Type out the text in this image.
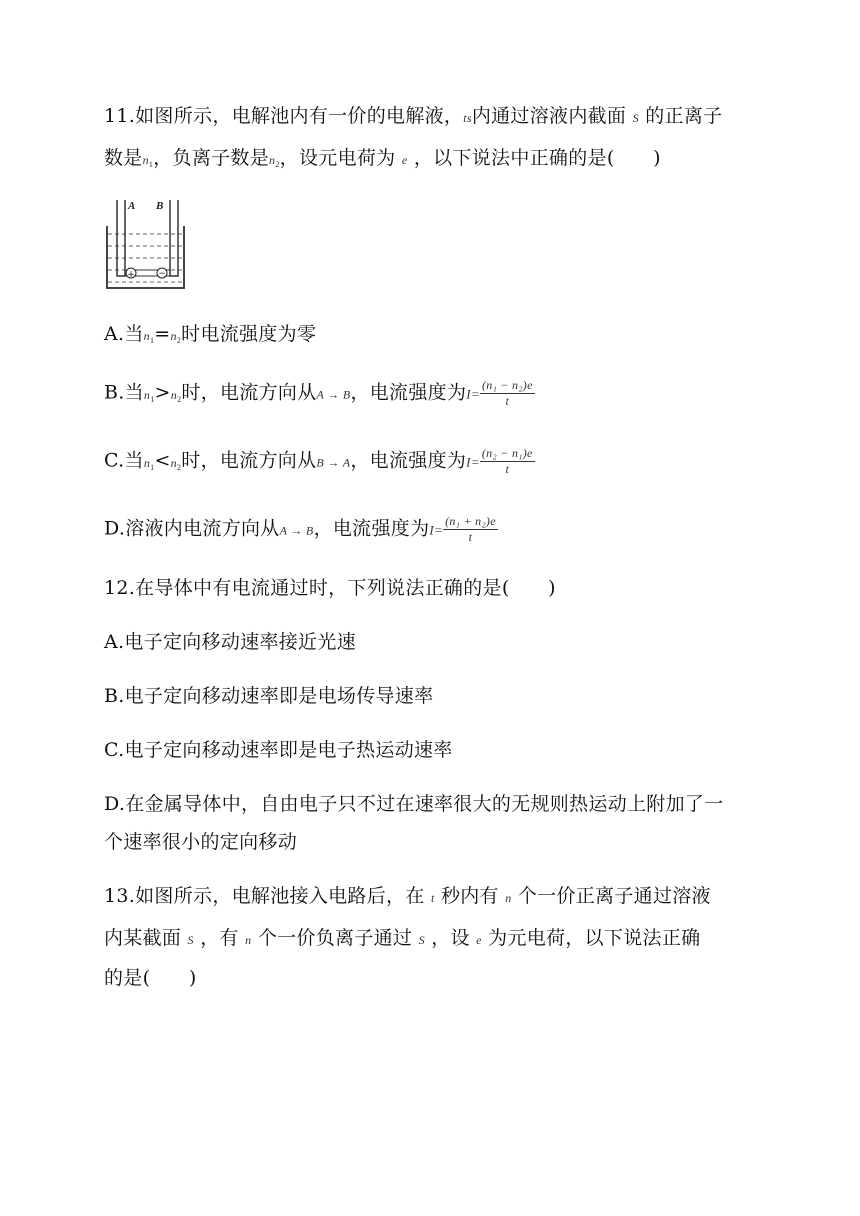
11.如图所示，电解池内有一价的电解液，ts内通过溶液内截面 S 的正离子
数是$n_1$，负离子数是$n_2$，设元电荷为 e ，以下说法中正确的是(　　)
A B
+	−
A.当$n_1=n_2$时电流强度为零
B.当$n_1>n_2$时，电流方向从A → B，电流强度为$I= \frac{\text{(n₁ − n₂)e}}{t}$
C.当$n_1<n_2$时，电流方向从B → A，电流强度为$I= \frac{\text{(n₂ − n₁)e}}{t}$
D.溶液内电流方向从A → B，电流强度为$I= \frac{\text{(n₁ + n₂)e}}{t}$
12.在导体中有电流通过时，下列说法正确的是(　　)
A.电子定向移动速率接近光速
B.电子定向移动速率即是电场传导速率
C.电子定向移动速率即是电子热运动速率
D.在金属导体中，自由电子只不过在速率很大的无规则热运动上附加了一
个速率很小的定向移动
13.如图所示，电解池接入电路后，在 t 秒内有 n 个一价正离子通过溶液
内某截面 S ，有 n 个一价负离子通过 S ，设 e 为元电荷，以下说法正确
的是(　　)
